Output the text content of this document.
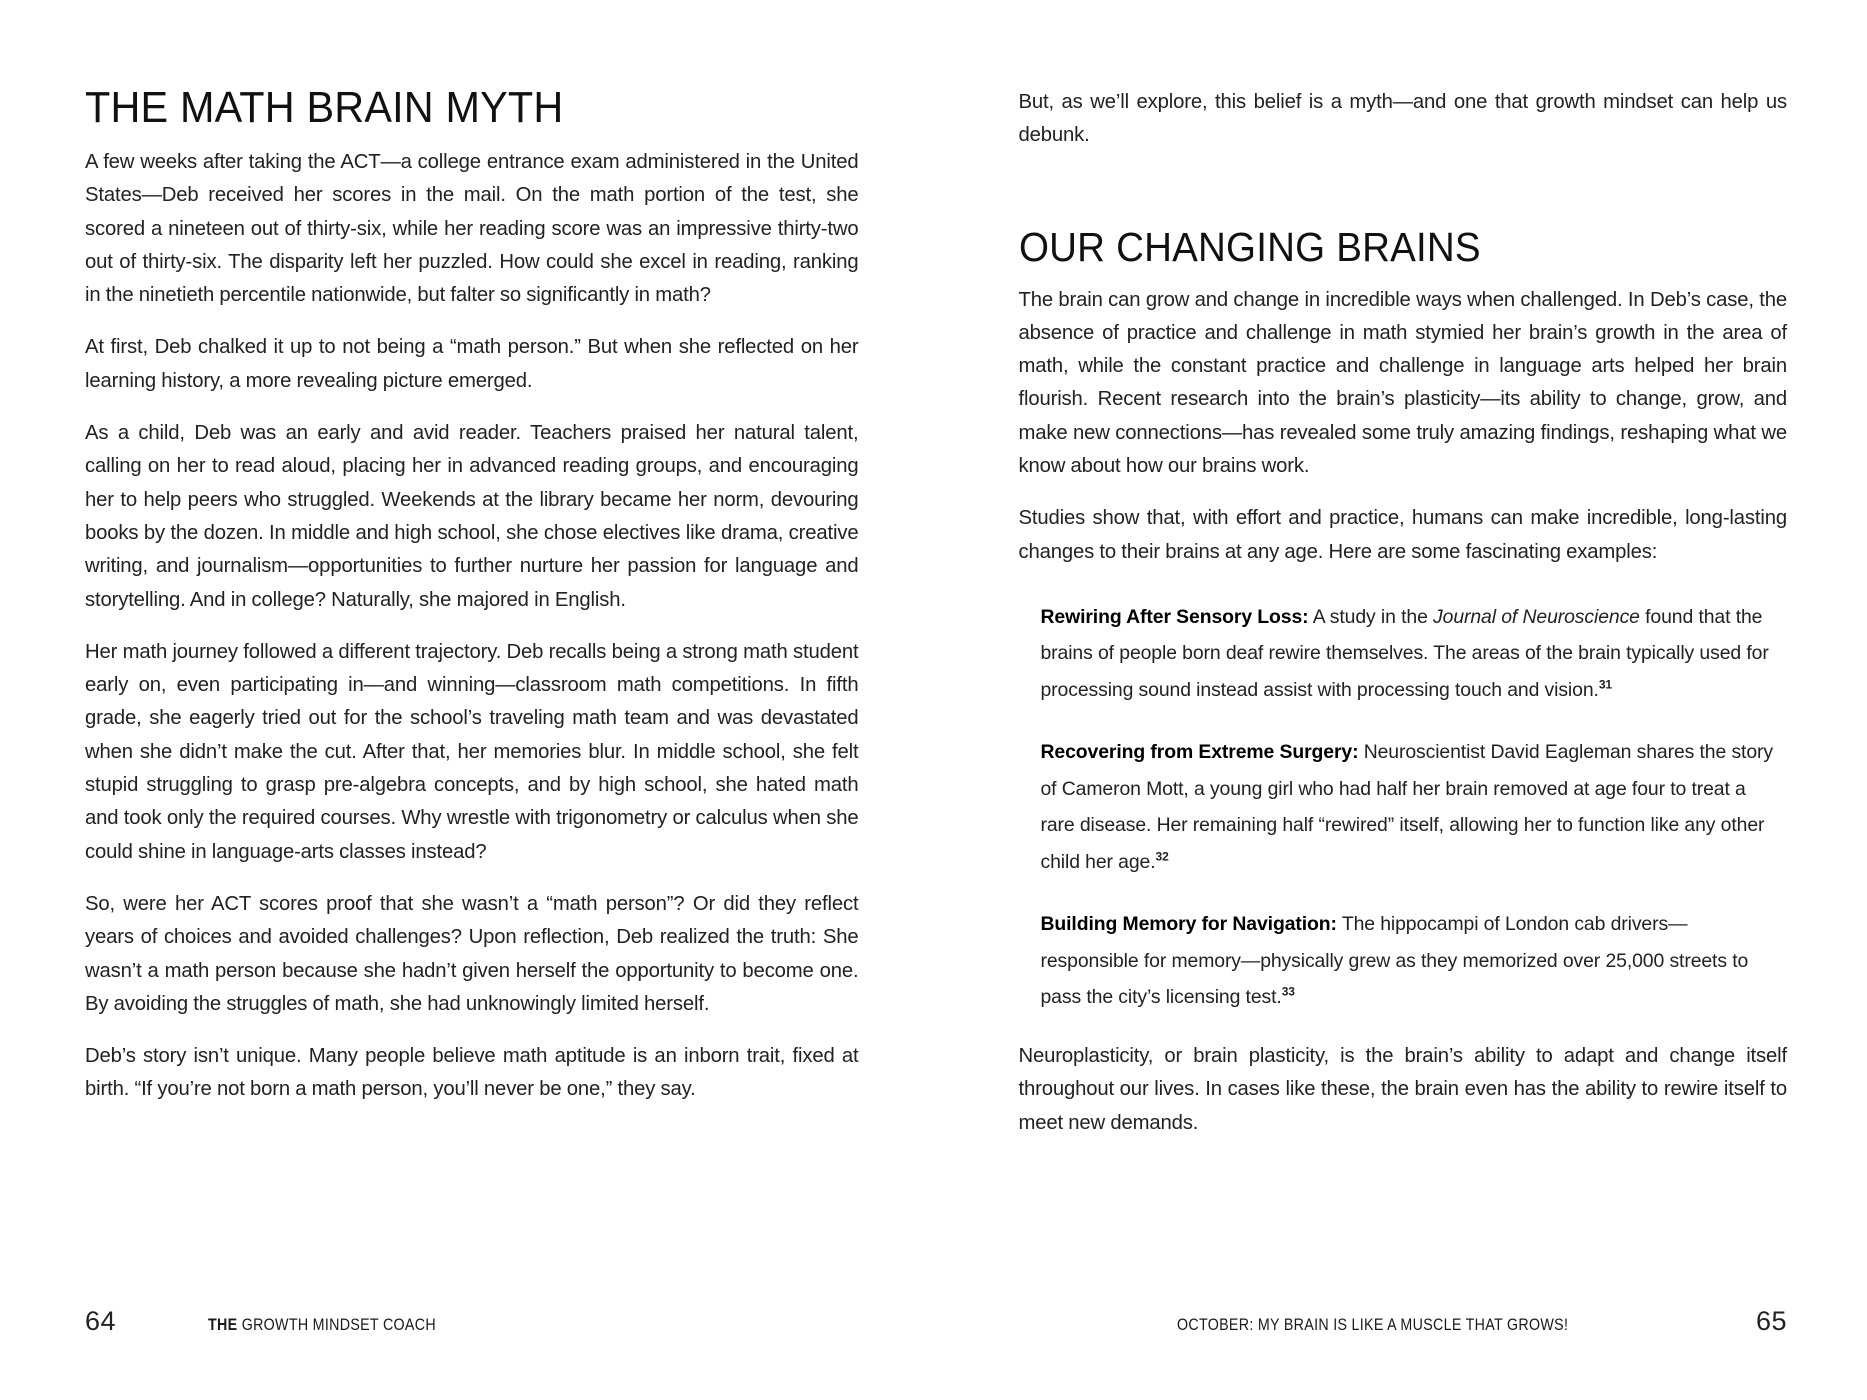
THE MATH BRAIN MYTH

A few weeks after taking the ACT—a college entrance exam administered in the United States—Deb received her scores in the mail. On the math portion of the test, she scored a nineteen out of thirty-six, while her reading score was an impressive thirty-two out of thirty-six. The disparity left her puzzled. How could she excel in reading, ranking in the ninetieth percentile nationwide, but falter so significantly in math?

At first, Deb chalked it up to not being a “math person.” But when she reflected on her learning history, a more revealing picture emerged.

As a child, Deb was an early and avid reader. Teachers praised her natural talent, calling on her to read aloud, placing her in advanced reading groups, and encouraging her to help peers who struggled. Weekends at the library became her norm, devouring books by the dozen. In middle and high school, she chose electives like drama, creative writing, and journalism—opportunities to further nurture her passion for language and storytelling. And in college? Naturally, she majored in English.

Her math journey followed a different trajectory. Deb recalls being a strong math student early on, even participating in—and winning—classroom math competitions. In fifth grade, she eagerly tried out for the school’s traveling math team and was devastated when she didn’t make the cut. After that, her memories blur. In middle school, she felt stupid struggling to grasp pre-algebra concepts, and by high school, she hated math and took only the required courses. Why wrestle with trigonometry or calculus when she could shine in language-arts classes instead?

So, were her ACT scores proof that she wasn’t a “math person”? Or did they reflect years of choices and avoided challenges? Upon reflection, Deb realized the truth: She wasn’t a math person because she hadn’t given herself the opportunity to become one. By avoiding the struggles of math, she had unknowingly limited herself.

Deb’s story isn’t unique. Many people believe math aptitude is an inborn trait, fixed at birth. “If you’re not born a math person, you’ll never be one,” they say.

64	THE GROWTH MINDSET COACH

But, as we’ll explore, this belief is a myth—and one that growth mindset can help us debunk.

OUR CHANGING BRAINS

The brain can grow and change in incredible ways when challenged. In Deb’s case, the absence of practice and challenge in math stymied her brain’s growth in the area of math, while the constant practice and challenge in language arts helped her brain flourish. Recent research into the brain’s plasticity—its ability to change, grow, and make new connections—has revealed some truly amazing findings, reshaping what we know about how our brains work.

Studies show that, with effort and practice, humans can make incredible, long-lasting changes to their brains at any age. Here are some fascinating examples:

Rewiring After Sensory Loss: A study in the Journal of Neuroscience found that the brains of people born deaf rewire themselves. The areas of the brain typically used for processing sound instead assist with processing touch and vision.$^{31}$

Recovering from Extreme Surgery: Neuroscientist David Eagleman shares the story of Cameron Mott, a young girl who had half her brain removed at age four to treat a rare disease. Her remaining half “rewired” itself, allowing her to function like any other child her age.$^{32}$

Building Memory for Navigation: The hippocampi of London cab drivers—responsible for memory—physically grew as they memorized over 25,000 streets to pass the city’s licensing test.$^{33}$

Neuroplasticity, or brain plasticity, is the brain’s ability to adapt and change itself throughout our lives. In cases like these, the brain even has the ability to rewire itself to meet new demands.

OCTOBER: MY BRAIN IS LIKE A MUSCLE THAT GROWS!	65
